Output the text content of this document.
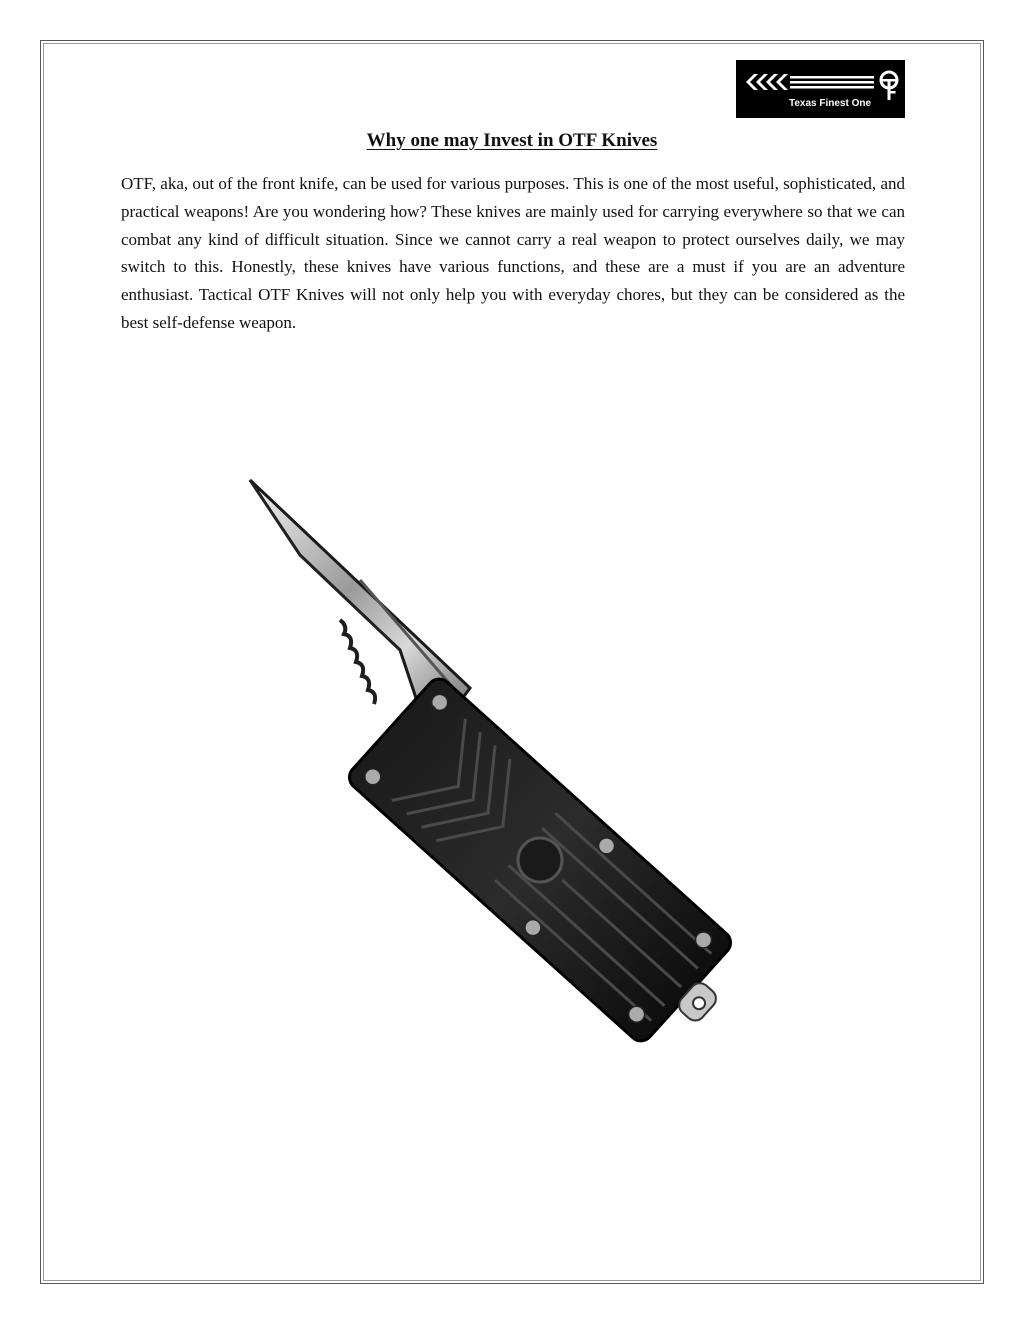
Texas Finest One
Why one may Invest in OTF Knives

OTF, aka, out of the front knife, can be used for various purposes. This is one of the most useful, sophisticated, and practical weapons! Are you wondering how? These knives are mainly used for carrying everywhere so that we can combat any kind of difficult situation. Since we cannot carry a real weapon to protect ourselves daily, we may switch to this. Honestly, these knives have various functions, and these are a must if you are an adventure enthusiast. Tactical OTF Knives will not only help you with everyday chores, but they can be considered as the best self-defense weapon.

D2
